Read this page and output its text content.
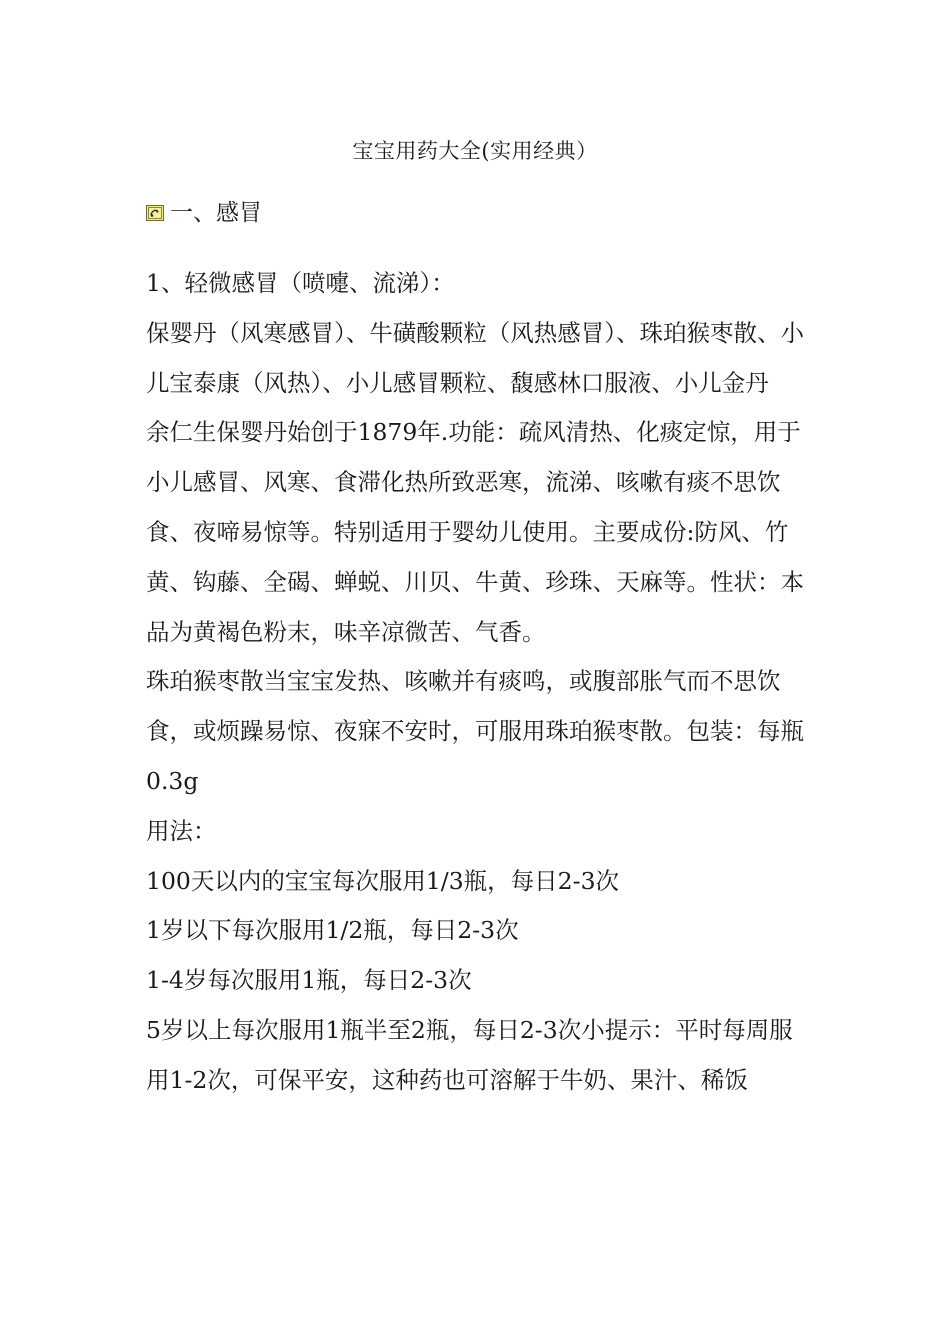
宝宝用药大全(实用经典）
一、感冒

1、轻微感冒（喷嚏、流涕）：

保婴丹（风寒感冒）、牛磺酸颗粒（风热感冒）、珠珀猴枣散、小儿宝泰康（风热）、小儿感冒颗粒、馥感林口服液、小儿金丹

余仁生保婴丹始创于1879年.功能：疏风清热、化痰定惊，用于小儿感冒、风寒、食滞化热所致恶寒，流涕、咳嗽有痰不思饮食、夜啼易惊等。特别适用于婴幼儿使用。主要成份:防风、竹黄、钩藤、全碣、蝉蜕、川贝、牛黄、珍珠、天麻等。性状：本品为黄褐色粉末，味辛凉微苦、气香。

珠珀猴枣散当宝宝发热、咳嗽并有痰鸣，或腹部胀气而不思饮食，或烦躁易惊、夜寐不安时，可服用珠珀猴枣散。包装：每瓶0.3g

用法：

100天以内的宝宝每次服用1/3瓶，每日2-3次

1岁以下每次服用1/2瓶，每日2-3次

1-4岁每次服用1瓶，每日2-3次

5岁以上每次服用1瓶半至2瓶，每日2-3次小提示：平时每周服用1-2次，可保平安，这种药也可溶解于牛奶、果汁、稀饭
